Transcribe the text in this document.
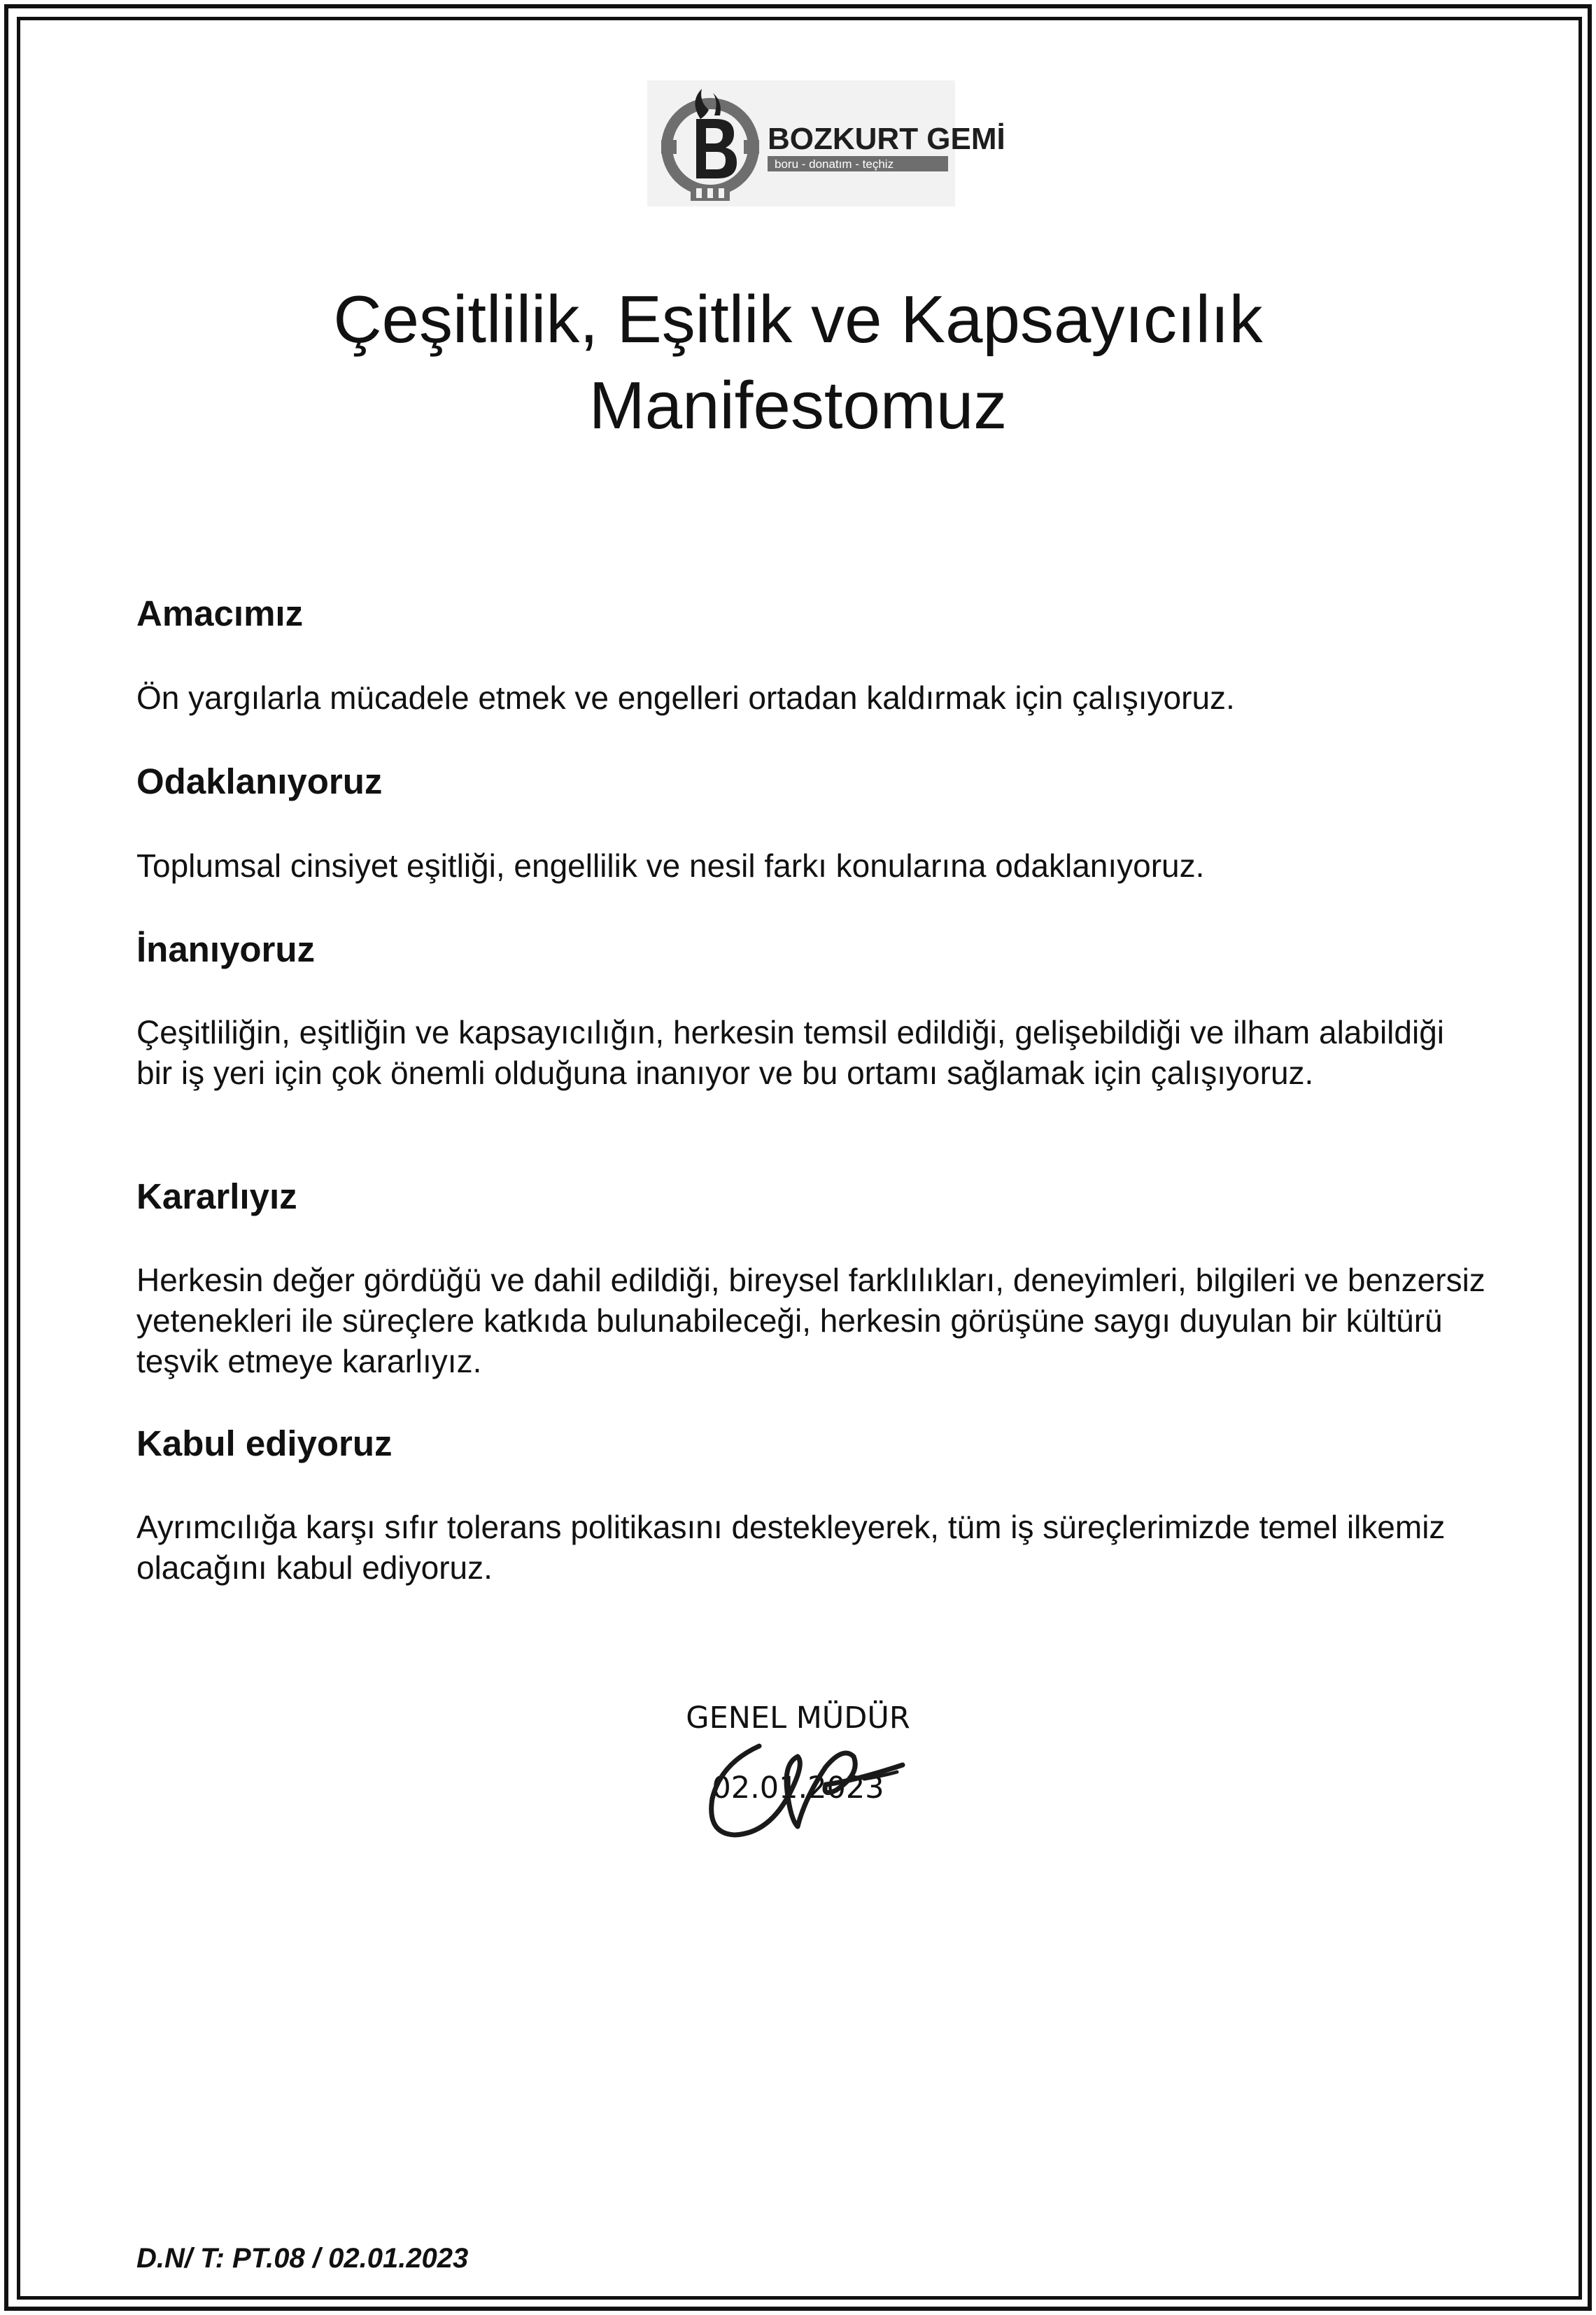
BOZKURT GEMİ
boru - donatım - teçhiz
Çeşitlilik, Eşitlik ve Kapsayıcılık
Manifestomuz
Amacımız

Ön yargılarla mücadele etmek ve engelleri ortadan kaldırmak için çalışıyoruz.

Odaklanıyoruz

Toplumsal cinsiyet eşitliği, engellilik ve nesil farkı konularına odaklanıyoruz.

İnanıyoruz

Çeşitliliğin, eşitliğin ve kapsayıcılığın, herkesin temsil edildiği, gelişebildiği ve ilham alabildiği bir iş yeri için çok önemli olduğuna inanıyor ve bu ortamı sağlamak için çalışıyoruz.

Kararlıyız

Herkesin değer gördüğü ve dahil edildiği, bireysel farklılıkları, deneyimleri, bilgileri ve benzersiz yetenekleri ile süreçlere katkıda bulunabileceği, herkesin görüşüne saygı duyulan bir kültürü teşvik etmeye kararlıyız.

Kabul ediyoruz

Ayrımcılığa karşı sıfır tolerans politikasını destekleyerek, tüm iş süreçlerimizde temel ilkemiz olacağını kabul ediyoruz.

GENEL MÜDÜR
02.01.2023
D.N/ T: PT.08 / 02.01.2023
